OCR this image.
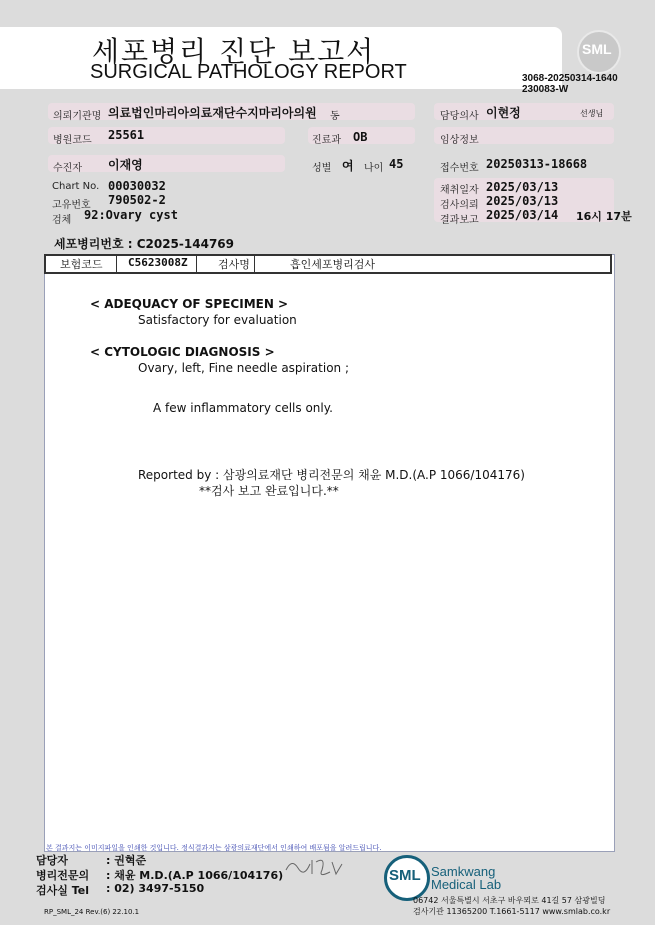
세포병리 진단 보고서
SURGICAL PATHOLOGY REPORT
SML
3068-20250314-1640
230083-W
의뢰기관명 의료법인마리아의료재단수지마리아의원 동	담당의사 이현정	선생님
병원코드 25561	진료과 OB	임상정보
수진자 이재영	성별 여 나이 45	접수번호 20250313-18668
Chart No. 00030032
고유번호 790502-2
검체 92:Ovary cyst
채취일자 2025/03/13
검사의뢰 2025/03/13
결과보고 2025/03/14 16시 17분
세포병리번호 : C2025-144769
보험코드 C5623008Z	검사명	흡인세포병리검사
< ADEQUACY OF SPECIMEN >
Satisfactory for evaluation
< CYTOLOGIC DIAGNOSIS >
Ovary, left, Fine needle aspiration ;
A few inflammatory cells only.
Reported by : 삼광의료재단 병리전문의 채윤 M.D.(A.P 1066/104176)
**검사 보고 완료입니다.**
본 결과지는 이미지파일을 인쇄한 것입니다. 정식결과지는 삼광의료재단에서 인쇄하여 배포됨을 알려드립니다.
담당자	: 권혁준
병리전문의 : 채윤 M.D.(A.P 1066/104176)
검사실 Tel : 02) 3497-5150
RP_SML_24 Rev.(6) 22.10.1
SML Samkwang
Medical Lab
06742 서울특별시 서초구 바우뫼로 41길 57 삼광빌딩
검사기관 11365200 T.1661-5117 www.smlab.co.kr
